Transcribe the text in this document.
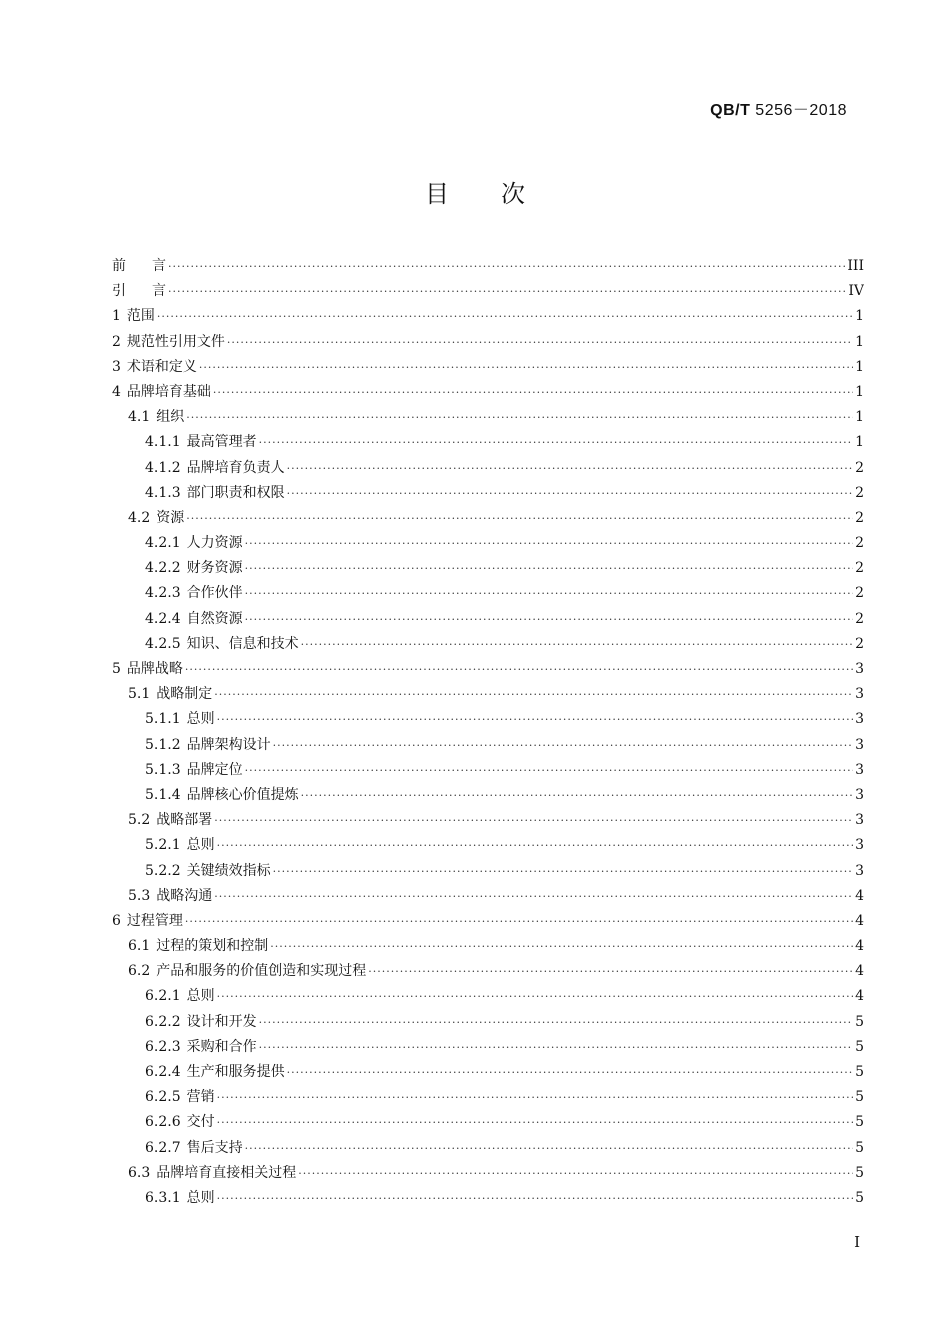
QB/T 5256－2018
目次
前言 ·····	III
引言 ·····	IV
1 范围 ·····	1
2 规范性引用文件 ·····	1
3 术语和定义 ·····	1
4 品牌培育基础 ·····	1
4.1 组织 ·····	1
4.1.1 最高管理者 ·····	1
4.1.2 品牌培育负责人 ·····	2
4.1.3 部门职责和权限 ·····	2
4.2 资源 ·····	2
4.2.1 人力资源 ·····	2
4.2.2 财务资源 ·····	2
4.2.3 合作伙伴 ·····	2
4.2.4 自然资源 ·····	2
4.2.5 知识、信息和技术 ·····	2
5 品牌战略 ·····	3
5.1 战略制定 ·····	3
5.1.1 总则 ·····	3
5.1.2 品牌架构设计 ·····	3
5.1.3 品牌定位 ·····	3
5.1.4 品牌核心价值提炼 ·····	3
5.2 战略部署 ·····	3
5.2.1 总则 ·····	3
5.2.2 关键绩效指标 ·····	3
5.3 战略沟通 ·····	4
6 过程管理 ·····	4
6.1 过程的策划和控制 ·····	4
6.2 产品和服务的价值创造和实现过程 ·····	4
6.2.1 总则 ·····	4
6.2.2 设计和开发 ·····	5
6.2.3 采购和合作 ·····	5
6.2.4 生产和服务提供 ·····	5
6.2.5 营销 ·····	5
6.2.6 交付 ·····	5
6.2.7 售后支持 ·····	5
6.3 品牌培育直接相关过程 ·····	5
6.3.1 总则 ·····	5
I
